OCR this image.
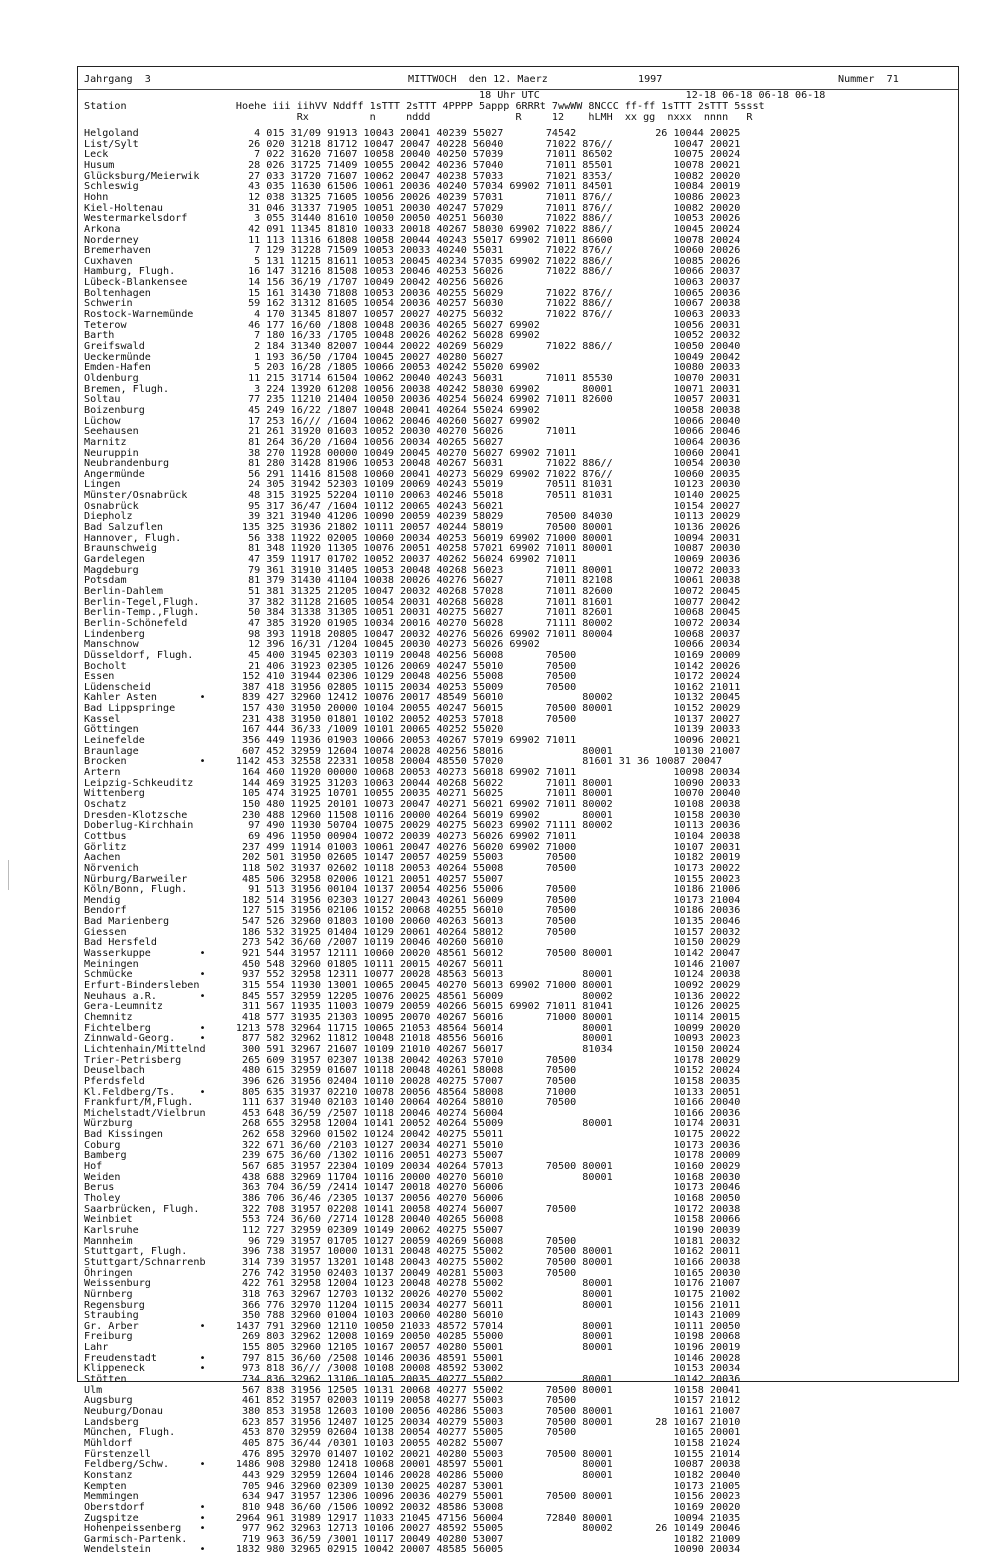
Jahrgang  3	MITTWOCH  den 12. Maerz	1997	Nummer  71
18 Uhr UTC                        12-18 06-18 06-18 06-18
Station                  Hoehe iii iihVV Nddff 1sTTT 2sTTT 4PPPP 5appp 6RRRt 7wwWW 8NCCC ff-ff 1sTTT 2sTTT 5ssst
Rx          n     nddd              R     12    hLMH  xx gg  nxxx  nnnn   R
Helgoland                   4 015 31/09 91913 10043 20041 40239 55027       74542             26 10044 20025
List/Sylt                  26 020 31218 81712 10047 20047 40228 56040       71022 876//          10047 20021
Leck                        7 022 31620 71607 10058 20040 40250 57039       71011 86502          10075 20024
Husum                      28 026 31725 71409 10055 20042 40236 57040       71011 85501          10078 20021
Glücksburg/Meierwik        27 033 31720 71607 10062 20047 40238 57033       71021 8353/          10082 20020
Schleswig                  43 035 11630 61506 10061 20036 40240 57034 69902 71011 84501          10084 20019
Hohn                       12 038 31325 71605 10056 20026 40239 57031       71011 876//          10086 20023
Kiel-Holtenau              31 046 31337 71905 10051 20030 40247 57029       71011 876//          10082 20020
Westermarkelsdorf           3 055 31440 81610 10050 20050 40251 56030       71022 886//          10053 20026
Arkona                     42 091 11345 81810 10033 20018 40267 58030 69902 71022 886//          10045 20024
Norderney                  11 113 11316 61808 10058 20044 40243 55017 69902 71011 86600          10078 20024
Bremerhaven                 7 129 31228 71509 10053 20033 40240 55031       71022 876//          10060 20026
Cuxhaven                    5 131 11215 81611 10053 20045 40234 57035 69902 71022 886//          10085 20026
Hamburg, Flugh.            16 147 31216 81508 10053 20046 40253 56026       71022 886//          10066 20037
Lübeck-Blankensee          14 156 36/19 /1707 10049 20042 40256 56026                            10063 20037
Boltenhagen                15 161 31430 71808 10053 20036 40255 56029       71022 876//          10065 20036
Schwerin                   59 162 31312 81605 10054 20036 40257 56030       71022 886//          10067 20038
Rostock-Warnemünde          4 170 31345 81807 10057 20027 40275 56032       71022 876//          10063 20033
Teterow                    46 177 16/60 /1808 10048 20036 40265 56027 69902                      10056 20031
Barth                       7 180 16/33 /1705 10048 20026 40262 56028 69902                      10052 20032
Greifswald                  2 184 31340 82007 10044 20022 40269 56029       71022 886//          10050 20040
Ueckermünde                 1 193 36/50 /1704 10045 20027 40280 56027                            10049 20042
Emden-Hafen                 5 203 16/28 /1805 10066 20053 40242 55020 69902                      10080 20033
Oldenburg                  11 215 31714 61504 10062 20040 40243 56031       71011 85530          10070 20031
Bremen, Flugh.              3 224 13920 61208 10056 20038 40242 58030 69902       80001          10071 20031
Soltau                     77 235 11210 21404 10050 20036 40254 56024 69902 71011 82600          10057 20031
Boizenburg                 45 249 16/22 /1807 10048 20041 40264 55024 69902                      10058 20038
Lüchow                     17 253 16/// /1604 10062 20046 40260 56027 69902                      10066 20040
Seehausen                  21 261 31920 01603 10052 20030 40270 56026       71011                10066 20046
Marnitz                    81 264 36/20 /1604 10056 20034 40265 56027                            10064 20036
Neuruppin                  38 270 11928 00000 10049 20045 40270 56027 69902 71011                10060 20041
Neubrandenburg             81 280 31428 81906 10053 20048 40267 56031       71022 886//          10054 20030
Angermünde                 56 291 11416 81508 10060 20041 40273 56029 69902 71022 876//          10060 20035
Lingen                     24 305 31942 52303 10109 20069 40243 55019       70511 81031          10123 20030
Münster/Osnabrück          48 315 31925 52204 10110 20063 40246 55018       70511 81031          10140 20025
Osnabrück                  95 317 36/47 /1604 10112 20065 40243 56021                            10154 20027
Diepholz                   39 321 31940 41206 10090 20059 40239 58029       70500 84030          10113 20029
Bad Salzuflen             135 325 31936 21802 10111 20057 40244 58019       70500 80001          10136 20026
Hannover, Flugh.           56 338 11922 02005 10060 20034 40253 56019 69902 71000 80001          10094 20031
Braunschweig               81 348 11920 11305 10076 20051 40258 57021 69902 71011 80001          10087 20030
Gardelegen                 47 359 11917 01702 10052 20037 40262 56024 69902 71011                10069 20036
Magdeburg                  79 361 31910 31405 10053 20048 40268 56023       71011 80001          10072 20033
Potsdam                    81 379 31430 41104 10038 20026 40276 56027       71011 82108          10061 20038
Berlin-Dahlem              51 381 31325 21205 10047 20032 40268 57028       71011 82600          10072 20045
Berlin-Tegel,Flugh.        37 382 31128 21605 10054 20031 40268 56028       71011 81601          10077 20042
Berlin-Temp.,Flugh.        50 384 31338 31305 10051 20031 40275 56027       71011 82601          10068 20045
Berlin-Schönefeld          47 385 31920 01905 10034 20016 40270 56028       71111 80002          10072 20034
Lindenberg                 98 393 11918 20805 10047 20032 40276 56026 69902 71011 80004          10068 20037
Manschnow                  12 396 16/31 /1204 10045 20030 40273 56026 69902                      10066 20034
Düsseldorf, Flugh.         45 400 31945 02303 10119 20048 40256 56008       70500                10169 20009
Bocholt                    21 406 31923 02305 10126 20069 40247 55010       70500                10142 20026
Essen                     152 410 31944 02306 10129 20048 40256 55008       70500                10172 20024
Lüdenscheid               387 418 31956 02805 10115 20034 40253 55009       70500                10162 21011
Kahler Asten       •      839 427 32960 12412 10076 20017 48549 56010             80002          10132 20045
Bad Lippspringe           157 430 31950 20000 10104 20055 40247 56015       70500 80001          10152 20029
Kassel                    231 438 31950 01801 10102 20052 40253 57018       70500                10137 20027
Göttingen                 167 444 36/33 /1009 10101 20065 40252 55020                            10139 20033
Leinefelde                356 449 11936 01903 10066 20053 40267 57019 69902 71011                10096 20021
Braunlage                 607 452 32959 12604 10074 20028 40256 58016             80001          10130 21007
Brocken            •     1142 453 32558 22331 10058 20004 48550 57020             81601 31 36 10087 20047
Artern                    164 460 11920 00000 10068 20053 40273 56018 69902 71011                10098 20034
Leipzig-Schkeuditz        144 469 31925 31203 10063 20044 40268 56022       71011 80001          10090 20033
Wittenberg                105 474 31925 10701 10055 20035 40271 56025       71011 80001          10070 20040
Oschatz                   150 480 11925 20101 10073 20047 40271 56021 69902 71011 80002          10108 20038
Dresden-Klotzsche         230 488 12960 11508 10116 20000 40264 56019 69902       80001          10158 20030
Doberlug-Kirchhain         97 490 11930 50704 10075 20029 40275 56023 69902 71111 80002          10113 20036
Cottbus                    69 496 11950 00904 10072 20039 40273 56026 69902 71011                10104 20038
Görlitz                   237 499 11914 01003 10061 20047 40276 56020 69902 71000                10107 20031
Aachen                    202 501 31950 02605 10147 20057 40259 55003       70500                10182 20019
Nörvenich                 118 502 31937 02602 10118 20053 40264 55008       70500                10173 20022
Nürburg/Barweiler         485 506 32958 02006 10121 20051 40257 55007                            10155 20023
Köln/Bonn, Flugh.          91 513 31956 00104 10137 20054 40256 55006       70500                10186 21006
Mendig                    182 514 31956 02303 10127 20043 40261 56009       70500                10173 21004
Bendorf                   127 515 31956 02106 10152 20068 40255 56010       70500                10186 20036
Bad Marienberg            547 526 32960 01803 10100 20060 40263 56013       70500                10135 20046
Giessen                   186 532 31925 01404 10129 20061 40264 58012       70500                10157 20032
Bad Hersfeld              273 542 36/60 /2007 10119 20046 40260 56010                            10150 20029
Wasserkuppe        •      921 544 31957 12111 10060 20020 48561 56012       70500 80001          10142 20047
Meiningen                 450 548 32960 01805 10111 20015 40267 56011                            10146 21007
Schmücke           •      937 552 32958 12311 10077 20028 48563 56013             80001          10124 20038
Erfurt-Bindersleben       315 554 11930 13001 10065 20045 40270 56013 69902 71000 80001          10092 20029
Neuhaus a.R.       •      845 557 32959 12205 10076 20025 48561 56009             80002          10136 20022
Gera-Leumnitz             311 567 11935 11003 10079 20059 40266 56015 69902 71011 81041          10126 20025
Chemnitz                  418 577 31935 21303 10095 20070 40267 56016       71000 80001          10114 20015
Fichtelberg        •     1213 578 32964 11715 10065 21053 48564 56014             80001          10099 20020
Zinnwald-Georg.    •      877 582 32962 11812 10048 21018 48556 56016             80001          10093 20023
Lichtenhain/Mittelnd      300 591 32967 21607 10109 21010 40267 56017             81034          10150 20024
Trier-Petrisberg          265 609 31957 02307 10138 20042 40263 57010       70500                10178 20029
Deuselbach                480 615 32959 01607 10118 20048 40261 58008       70500                10152 20024
Pferdsfeld                396 626 31956 02404 10110 20028 40275 57007       70500                10158 20035
Kl.Feldberg/Ts.    •      805 635 31937 02210 10078 20056 48564 58008       71000                10133 20051
Frankfurt/M,Flugh.        111 637 31940 02103 10140 20064 40264 58010       70500                10166 20040
Michelstadt/Vielbrun      453 648 36/59 /2507 10118 20046 40274 56004                            10166 20036
Würzburg                  268 655 32958 12004 10141 20052 40264 55009             80001          10174 20031
Bad Kissingen             262 658 32960 01502 10124 20042 40275 55011                            10175 20022
Coburg                    322 671 36/60 /2103 10127 20034 40271 55010                            10173 20036
Bamberg                   239 675 36/60 /1302 10116 20051 40273 55007                            10178 20009
Hof                       567 685 31957 22304 10109 20034 40264 57013       70500 80001          10160 20029
Weiden                    438 688 32969 11704 10116 20000 40270 56010             80001          10168 20030
Berus                     363 704 36/59 /2414 10147 20018 40270 56006                            10173 20046
Tholey                    386 706 36/46 /2305 10137 20056 40270 56006                            10168 20050
Saarbrücken, Flugh.       322 708 31957 02208 10141 20058 40274 56007       70500                10172 20038
Weinbiet                  553 724 36/60 /2714 10128 20040 40265 56008                            10158 20066
Karlsruhe                 112 727 32959 02309 10149 20062 40275 55007                            10190 20039
Mannheim                   96 729 31957 01705 10127 20059 40269 56008       70500                10181 20032
Stuttgart, Flugh.         396 738 31957 10000 10131 20048 40275 55002       70500 80001          10162 20011
Stuttgart/Schnarrenb      314 739 31957 13201 10148 20043 40275 55002       70500 80001          10166 20038
Öhringen                  276 742 31950 02403 10137 20049 40281 55003       70500                10165 20030
Weissenburg               422 761 32958 12004 10123 20048 40278 55002             80001          10176 21007
Nürnberg                  318 763 32967 12703 10132 20026 40270 55002             80001          10175 21002
Regensburg                366 776 32970 11204 10115 20034 40277 56011             80001          10156 21011
Straubing                 350 788 32960 01004 10103 20060 40280 56010                            10143 21009
Gr. Arber          •     1437 791 32960 12110 10050 21033 48572 57014             80001          10111 20050
Freiburg                  269 803 32962 12008 10169 20050 40285 55000             80001          10198 20068
Lahr                      155 805 32960 12105 10167 20057 40280 55001             80001          10196 20019
Freudenstadt       •      797 815 36/60 /2508 10146 20036 48591 55001                            10146 20028
Klippeneck         •      973 818 36/// /3008 10108 20008 48592 53002                            10153 20034
Stötten                   734 836 32962 13106 10105 20035 40277 55002             80001          10142 20036
Ulm                       567 838 31956 12505 10131 20068 40277 55002       70500 80001          10158 20041
Augsburg                  461 852 31957 02003 10119 20058 40277 55003       70500                10157 21012
Neuburg/Donau             380 853 31958 12603 10100 20056 40286 55003       70500 80001          10161 21007
Landsberg                 623 857 31956 12407 10125 20034 40279 55003       70500 80001       28 10167 21010
München, Flugh.           453 870 32959 02604 10138 20054 40277 55005       70500                10165 20001
Mühldorf                  405 875 36/44 /0301 10103 20055 40282 55007                            10158 21024
Fürstenzell               476 895 32970 01407 10102 20021 40280 55003       70500 80001          10155 21014
Feldberg/Schw.     •     1486 908 32980 12418 10068 20001 48597 55001             80001          10087 20038
Konstanz                  443 929 32959 12604 10146 20028 40286 55000             80001          10182 20040
Kempten                   705 946 32960 02309 10130 20025 40287 53001                            10173 21005
Memmingen                 634 947 31957 12306 10096 20036 40279 55001       70500 80001          10156 20023
Oberstdorf         •      810 948 36/60 /1506 10092 20032 48586 53008                            10169 20020
Zugspitze          •     2964 961 31989 12917 11033 21045 47156 56004       72840 80001          10094 21035
Hohenpeissenberg   •      977 962 32963 12713 10106 20027 48592 55005             80002       26 10149 20046
Garmisch-Partenk.         719 963 36/59 /3001 10117 20049 40280 53007                            10182 21009
Wendelstein        •     1832 980 32965 02915 10042 20007 48585 56005                            10090 20034
